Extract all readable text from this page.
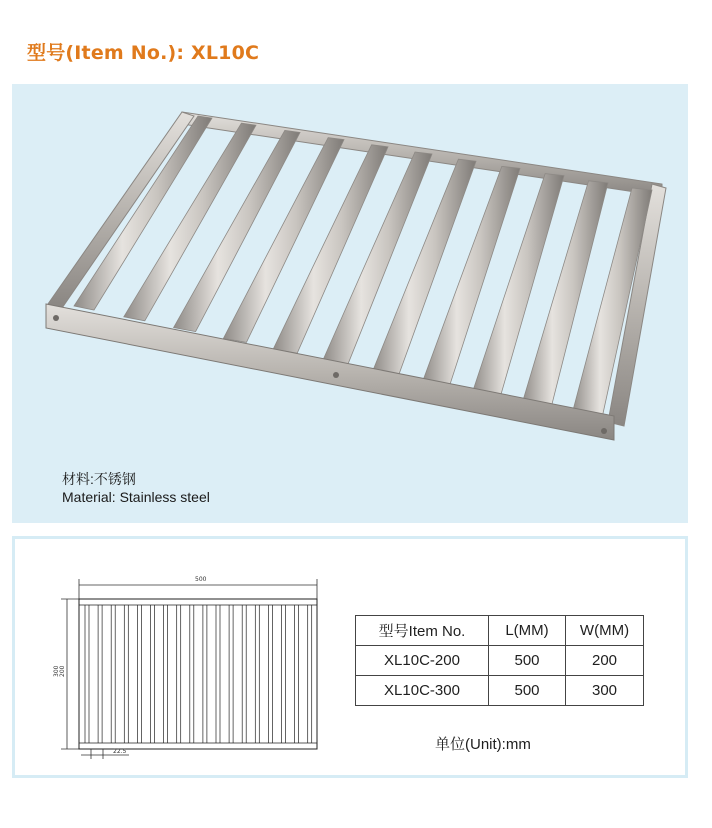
型号(Item No.): XL10C
材料:不锈钢
Material: Stainless steel
500
300 200
22.5
型号Item No.	L(MM)	W(MM)
XL10C-200	500	200
XL10C-300	500	300
单位(Unit):mm
